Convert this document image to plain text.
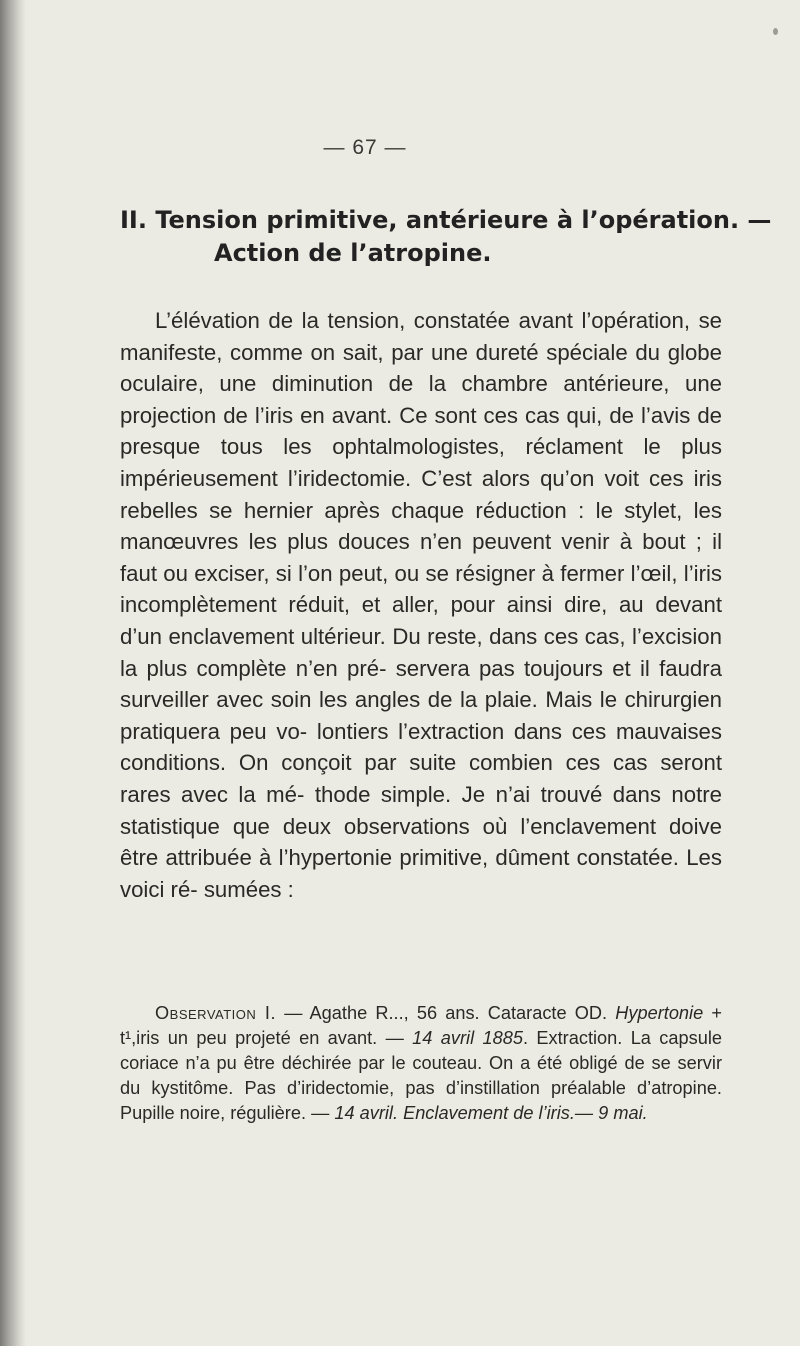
— 67 —
II. Tension primitive, antérieure à l’opération. —
Action de l’atropine.

L’élévation de la tension, constatée avant l’opération, se manifeste, comme on sait, par une dureté spéciale du globe oculaire, une diminution de la chambre antérieure, une projection de l’iris en avant. Ce sont ces cas qui, de l’avis de presque tous les ophtalmologistes, réclament le plus impérieusement l’iridectomie. C’est alors qu’on voit ces iris rebelles se hernier après chaque réduction : le stylet, les manœuvres les plus douces n’en peuvent venir à bout ; il faut ou exciser, si l’on peut, ou se résigner à fermer l’œil, l’iris incomplètement réduit, et aller, pour ainsi dire, au devant d’un enclavement ultérieur. Du reste, dans ces cas, l’excision la plus complète n’en pré- servera pas toujours et il faudra surveiller avec soin les angles de la plaie. Mais le chirurgien pratiquera peu vo- lontiers l’extraction dans ces mauvaises conditions. On conçoit par suite combien ces cas seront rares avec la mé- thode simple. Je n’ai trouvé dans notre statistique que deux observations où l’enclavement doive être attribuée à l’hypertonie primitive, dûment constatée. Les voici ré- sumées :

Observation I. — Agathe R..., 56 ans. Cataracte OD. Hypertonie + t¹,iris un peu projeté en avant. — 14 avril 1885. Extraction. La capsule coriace n’a pu être déchirée par le couteau. On a été obligé de se servir du kystitôme. Pas d’iridectomie, pas d’instillation préalable d’atropine. Pupille noire, régulière. — 14 avril. Enclavement de l’iris.— 9 mai.
